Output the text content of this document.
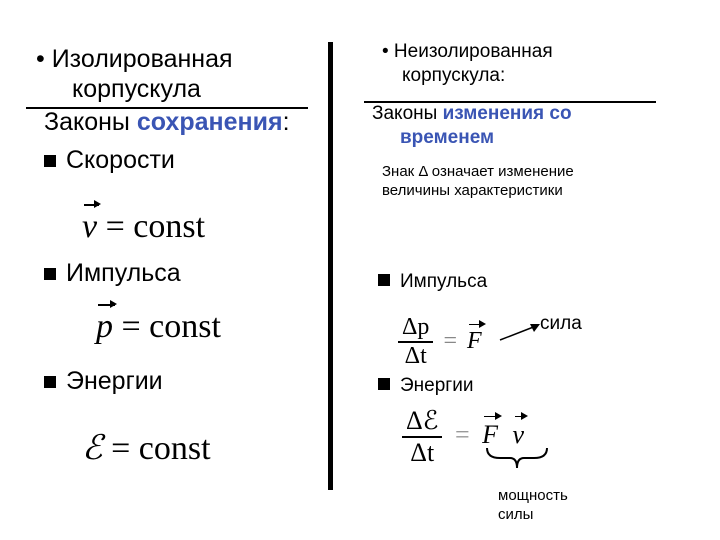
• Изолированная
корпускула
Законы сохранения:
Скорости
v = const
Импульса
p = const
Энергии
ℰ = const
• Неизолированная
корпускула:
Законы изменения со
временем
Знак Δ означает изменение
величины характеристики
Импульса
$\frac{\Delta p}{\Delta t} = F$
сила
Энергии
$\frac{\text{Δℰ}}{\Delta t} = F$ v
мощность
силы
